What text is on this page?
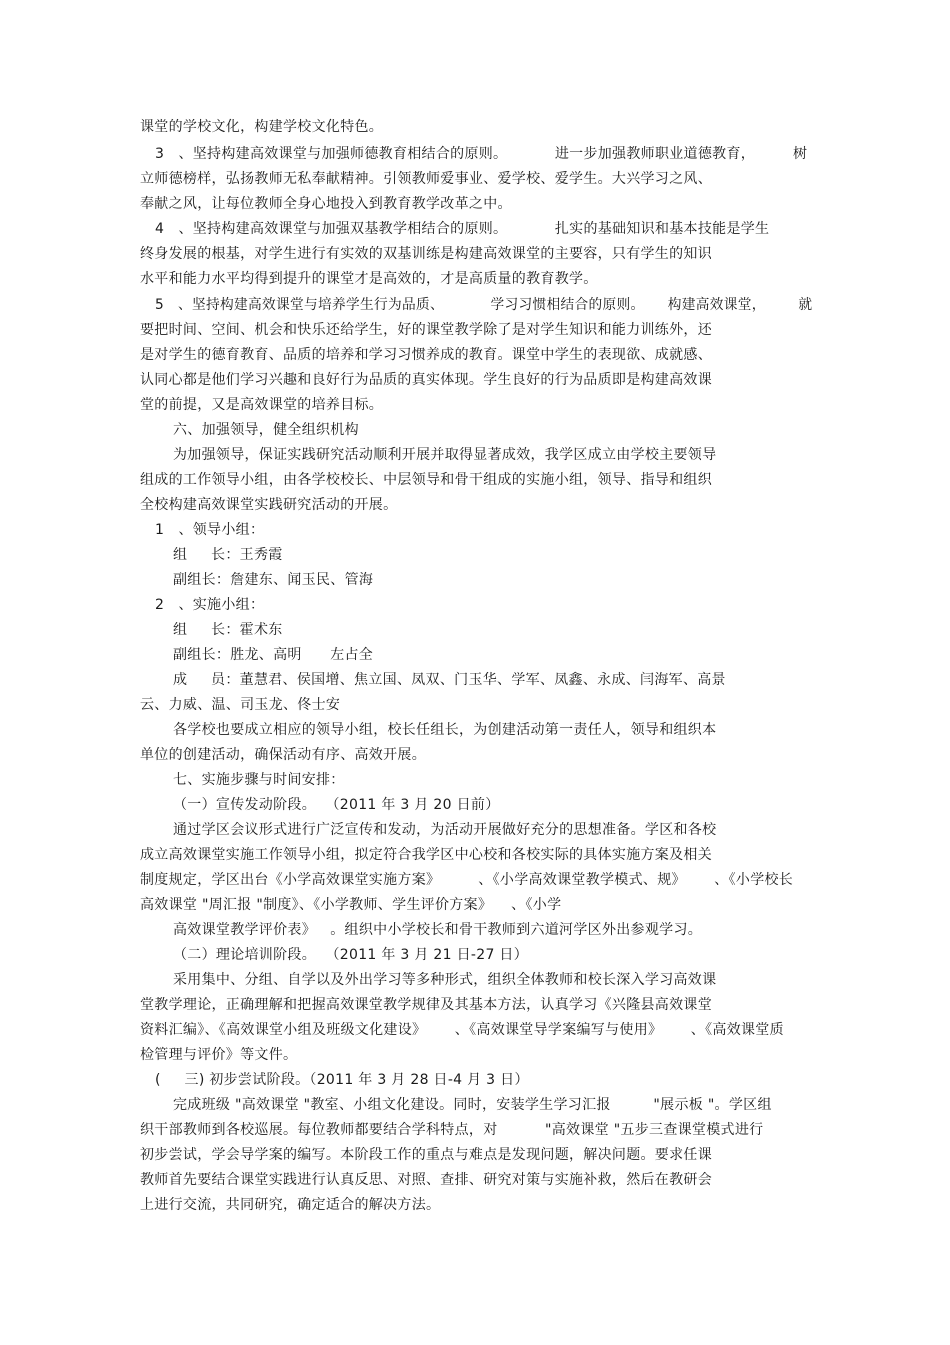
课堂的学校文化，构建学校文化特色。
3   、坚持构建高效课堂与加强师德教育相结合的原则。          进一步加强教师职业道德教育，        树
立师德榜样，弘扬教师无私奉献精神。引领教师爱事业、爱学校、爱学生。大兴学习之风、
奉献之风，让每位教师全身心地投入到教育教学改革之中。
4   、坚持构建高效课堂与加强双基教学相结合的原则。          扎实的基础知识和基本技能是学生
终身发展的根基，对学生进行有实效的双基训练是构建高效课堂的主要容，只有学生的知识
水平和能力水平均得到提升的课堂才是高效的，才是高质量的教育教学。
5   、坚持构建高效课堂与培养学生行为品质、          学习习惯相结合的原则。     构建高效课堂，       就
要把时间、空间、机会和快乐还给学生，好的课堂教学除了是对学生知识和能力训练外，还
是对学生的德育教育、品质的培养和学习习惯养成的教育。课堂中学生的表现欲、成就感、
认同心都是他们学习兴趣和良好行为品质的真实体现。学生良好的行为品质即是构建高效课
堂的前提，又是高效课堂的培养目标。
六、加强领导，健全组织机构
为加强领导，保证实践研究活动顺利开展并取得显著成效，我学区成立由学校主要领导
组成的工作领导小组，由各学校校长、中层领导和骨干组成的实施小组，领导、指导和组织
全校构建高效课堂实践研究活动的开展。
1   、领导小组：
组     长：王秀霞
副组长：詹建东、闻玉民、管海
2   、实施小组：
组     长：霍术东
副组长：胜龙、高明      左占全
成     员：董慧君、侯国增、焦立国、凤双、门玉华、学军、凤鑫、永成、闫海军、高景
云、力威、温、司玉龙、佟士安
各学校也要成立相应的领导小组，校长任组长，为创建活动第一责任人，领导和组织本
单位的创建活动，确保活动有序、高效开展。
七、实施步骤与时间安排：
（一）宣传发动阶段。  （2011 年 3 月 20 日前）
通过学区会议形式进行广泛宣传和发动，为活动开展做好充分的思想准备。学区和各校
成立高效课堂实施工作领导小组，拟定符合我学区中心校和各校实际的具体实施方案及相关
制度规定，学区出台《小学高效课堂实施方案》        、《小学高效课堂教学模式、规》      、《小学校长
高效课堂 "周汇报 "制度》、《小学教师、学生评价方案》    、《小学
高效课堂教学评价表》   。组织中小学校长和骨干教师到六道河学区外出参观学习。
（二）理论培训阶段。  （2011 年 3 月 21 日-27 日）
采用集中、分组、自学以及外出学习等多种形式，组织全体教师和校长深入学习高效课
堂教学理论，正确理解和把握高效课堂教学规律及其基本方法，认真学习《兴隆县高效课堂
资料汇编》、《高效课堂小组及班级文化建设》      、《高效课堂导学案编写与使用》      、《高效课堂质
检管理与评价》等文件。
(     三) 初步尝试阶段。（2011 年 3 月 28 日-4 月 3 日）
完成班级 "高效课堂 "教室、小组文化建设。同时，安装学生学习汇报         "展示板 "。学区组
织干部教师到各校巡展。每位教师都要结合学科特点，对          "高效课堂 "五步三查课堂模式进行
初步尝试，学会导学案的编写。本阶段工作的重点与难点是发现问题，解决问题。要求任课
教师首先要结合课堂实践进行认真反思、对照、查排、研究对策与实施补救，然后在教研会
上进行交流，共同研究，确定适合的解决方法。
